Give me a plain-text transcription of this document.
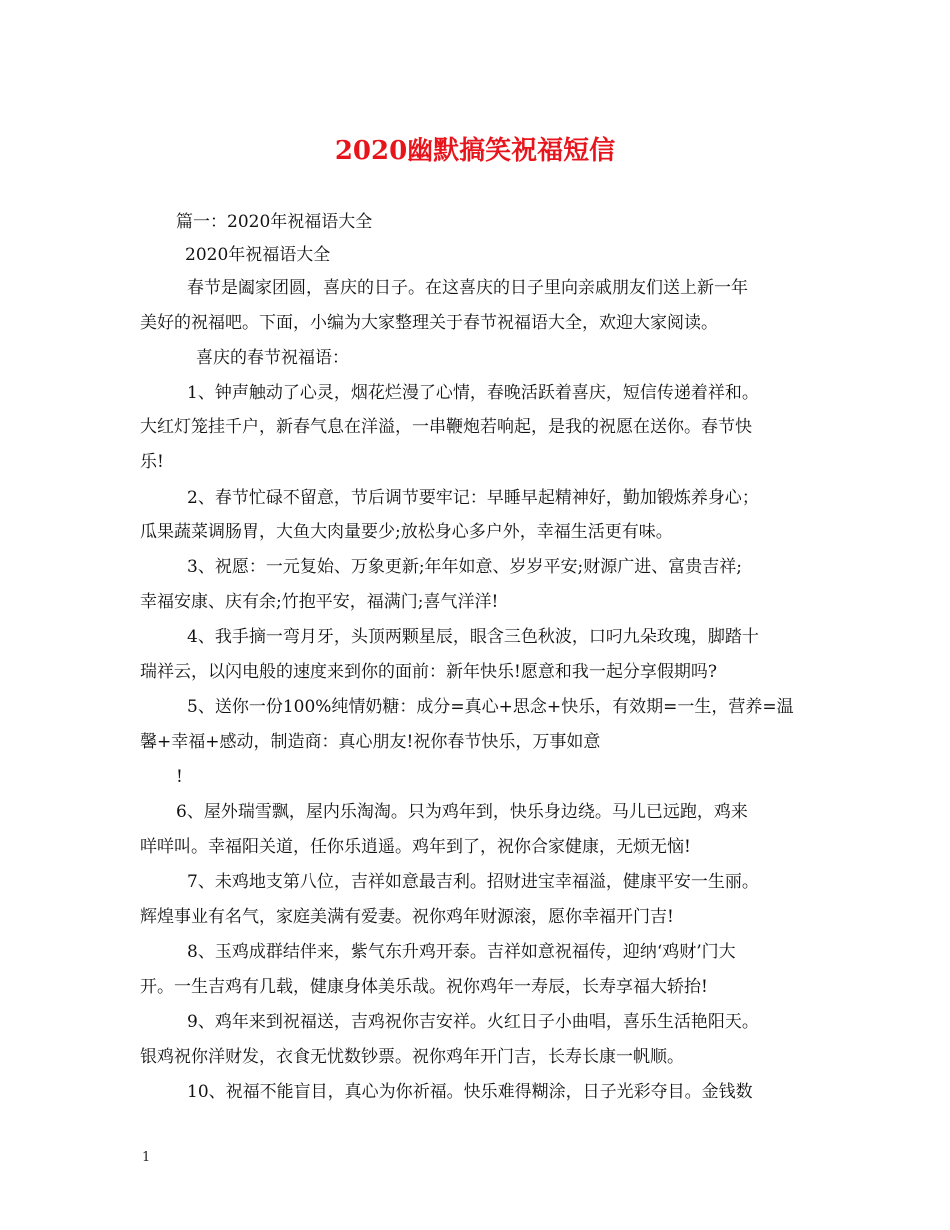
2020幽默搞笑祝福短信
篇一：2020年祝福语大全
2020年祝福语大全
春节是阖家团圆，喜庆的日子。在这喜庆的日子里向亲戚朋友们送上新一年
美好的祝福吧。下面，小编为大家整理关于春节祝福语大全，欢迎大家阅读。
喜庆的春节祝福语：
1、钟声触动了心灵，烟花烂漫了心情，春晚活跃着喜庆，短信传递着祥和。
大红灯笼挂千户，新春气息在洋溢，一串鞭炮若响起，是我的祝愿在送你。春节快
乐!
2、春节忙碌不留意，节后调节要牢记：早睡早起精神好，勤加锻炼养身心；
瓜果蔬菜调肠胃，大鱼大肉量要少;放松身心多户外，幸福生活更有味。
3、祝愿：一元复始、万象更新;年年如意、岁岁平安;财源广进、富贵吉祥;
幸福安康、庆有余;竹抱平安，福满门;喜气洋洋!
4、我手摘一弯月牙，头顶两颗星辰，眼含三色秋波，口叼九朵玫瑰，脚踏十
瑞祥云，以闪电般的速度来到你的面前：新年快乐!愿意和我一起分享假期吗?
5、送你一份100%纯情奶糖：成分=真心+思念+快乐，有效期=一生，营养=温
馨+幸福+感动，制造商：真心朋友!祝你春节快乐，万事如意
!
6、屋外瑞雪飘，屋内乐淘淘。只为鸡年到，快乐身边绕。马儿已远跑，鸡来
咩咩叫。幸福阳关道，任你乐逍遥。鸡年到了，祝你合家健康，无烦无恼!
7、未鸡地支第八位，吉祥如意最吉利。招财进宝幸福溢，健康平安一生丽。
辉煌事业有名气，家庭美满有爱妻。祝你鸡年财源滚，愿你幸福开门吉!
8、玉鸡成群结伴来，紫气东升鸡开泰。吉祥如意祝福传，迎纳‘鸡财’门大
开。一生吉鸡有几载，健康身体美乐哉。祝你鸡年一寿辰，长寿享福大轿抬!
9、鸡年来到祝福送，吉鸡祝你吉安祥。火红日子小曲唱，喜乐生活艳阳天。
银鸡祝你洋财发，衣食无忧数钞票。祝你鸡年开门吉，长寿长康一帆顺。
10、祝福不能盲目，真心为你祈福。快乐难得糊涂，日子光彩夺目。金钱数
1
